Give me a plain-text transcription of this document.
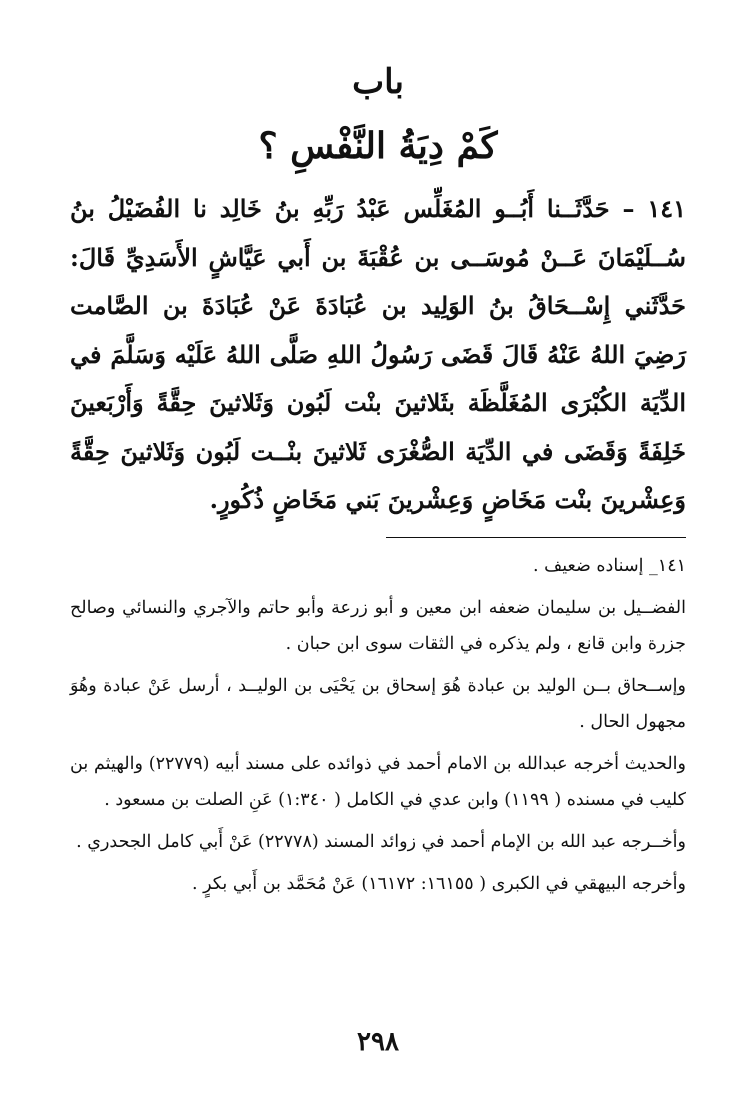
باب
كَمْ دِيَةُ النَّفْسِ ؟
١٤١ – حَدَّثَــنا أَبُــو المُغَلِّس عَبْدُ رَبِّهِ بنُ خَالِد نا الفُضَيْلُ بنُ سُــلَيْمَانَ عَــنْ مُوسَــى بن عُقْبَةَ بن أَبي عَيَّاشٍ الأَسَدِيِّ قَالَ: حَدَّثَني إِسْــحَاقُ بنُ الوَلِيد بن عُبَادَةَ عَنْ عُبَادَةَ بن الصَّامت رَضِيَ اللهُ عَنْهُ قَالَ قَضَى رَسُولُ اللهِ صَلَّى اللهُ عَلَيْه وَسَلَّمَ في الدِّيَة الكُبْرَى المُغَلَّظَة بثَلاثينَ بنْت لَبُون وَثَلاثينَ حِقَّةً وَأَرْبَعينَ خَلِفَةً وَقَضَى في الدِّيَة الصُّغْرَى ثَلاثينَ بنْــت لَبُون وَثَلاثينَ حِقَّةً وَعِشْرينَ بنْت مَخَاضٍ وَعِشْرينَ بَني مَخَاضٍ ذُكُورٍ.

١٤١_ إسناده ضعيف .

الفضــيل بن سليمان ضعفه ابن معين و أبو زرعة وأبو حاتم والآجري والنسائي وصالح جزرة وابن قانع ، ولم يذكره في الثقات سوى ابن حبان .

وإســحاق بــن الوليد بن عبادة هُوَ إسحاق بن يَحْيَى بن الوليــد ، أرسل عَنْ عبادة وهُوَ مجهول الحال .

والحديث أخرجه عبدالله بن الامام أحمد في ذوائده على مسند أبيه (٢٢٧٧٩) والهيثم بن كليب في مسنده ( ١١٩٩) وابن عدي في الكامل ( ١:٣٤٠) عَنِ الصلت بن مسعود .

وأخــرجه عبد الله بن الإمام أحمد في زوائد المسند (٢٢٧٧٨) عَنْ أَبي كامل الجحدري .

وأخرجه البيهقي في الكبرى ( ١٦١٥٥: ١٦١٧٢) عَنْ مُحَمَّد بن أَبي بكرٍ .

٢٩٨
